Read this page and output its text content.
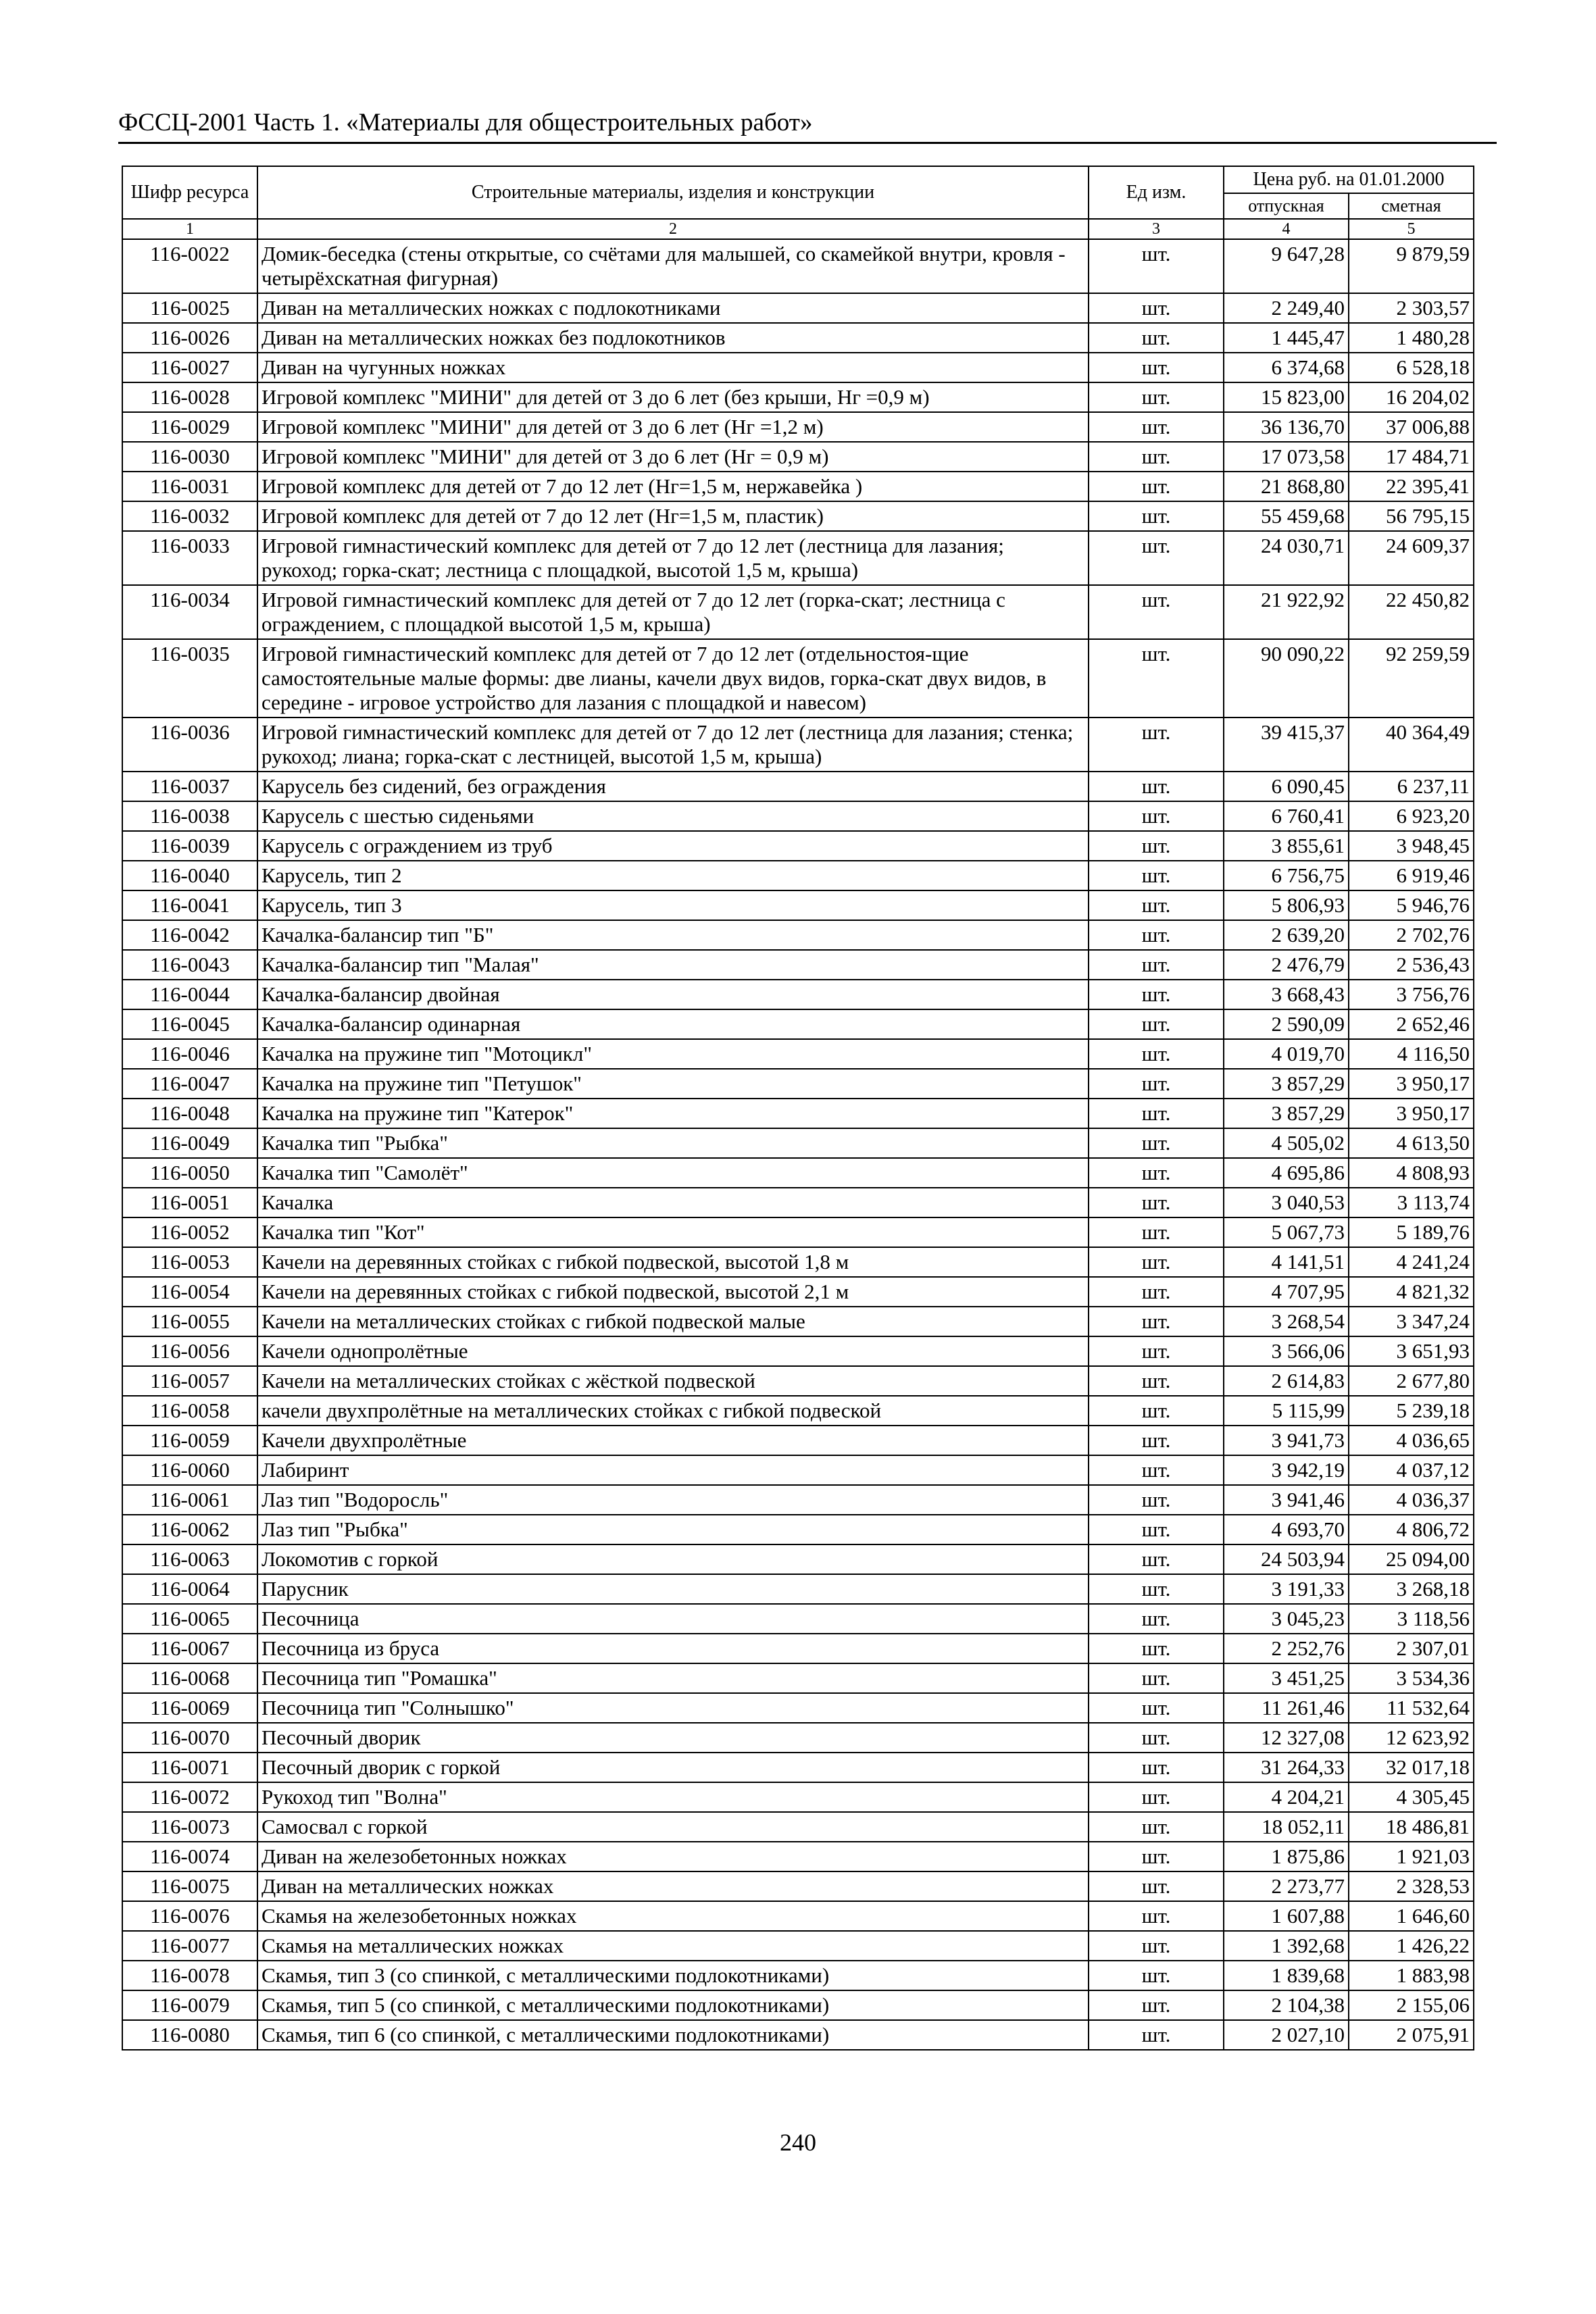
ФССЦ-2001 Часть 1. «Материалы для общестроительных работ»
Шифр ресурса	Строительные материалы, изделия и конструкции	Ед изм.	Цена руб. на 01.01.2000	
			отпускная	сметная
1	2	3	4	5
116-0022	Домик-беседка (стены открытые, со счётами для малышей, со скамейкой внутри, кровля - четырёхскатная фигурная)	шт.	9 647,28	9 879,59
116-0025	Диван на металлических ножках с подлокотниками	шт.	2 249,40	2 303,57
116-0026	Диван на металлических ножках без подлокотников	шт.	1 445,47	1 480,28
116-0027	Диван на чугунных ножках	шт.	6 374,68	6 528,18
116-0028	Игровой комплекс "МИНИ" для детей от 3 до 6 лет (без крыши, Нг =0,9 м)	шт.	15 823,00	16 204,02
116-0029	Игровой комплекс "МИНИ" для детей от 3 до 6 лет (Нг =1,2 м)	шт.	36 136,70	37 006,88
116-0030	Игровой комплекс "МИНИ" для детей от 3 до 6 лет (Нг = 0,9 м)	шт.	17 073,58	17 484,71
116-0031	Игровой комплекс для детей от 7 до 12 лет (Нг=1,5 м, нержавейка )	шт.	21 868,80	22 395,41
116-0032	Игровой комплекс для детей от 7 до 12 лет (Нг=1,5 м, пластик)	шт.	55 459,68	56 795,15
116-0033	Игровой гимнастический комплекс для детей от 7 до 12 лет (лестница для лазания; рукоход; горка-скат; лестница с площадкой, высотой 1,5 м, крыша)	шт.	24 030,71	24 609,37
116-0034	Игровой гимнастический комплекс для детей от 7 до 12 лет (горка-скат; лестница с ограждением, с площадкой высотой 1,5 м, крыша)	шт.	21 922,92	22 450,82
116-0035	Игровой гимнастический комплекс для детей от 7 до 12 лет (отдельностоя-щие самостоятельные малые формы: две лианы, качели двух видов, горка-скат двух видов, в середине - игровое устройство для лазания с площадкой и навесом)	шт.	90 090,22	92 259,59
116-0036	Игровой гимнастический комплекс для детей от 7 до 12 лет (лестница для лазания; стенка; рукоход; лиана; горка-скат с лестницей, высотой 1,5 м, крыша)	шт.	39 415,37	40 364,49
116-0037	Карусель без сидений, без ограждения	шт.	6 090,45	6 237,11
116-0038	Карусель с шестью сиденьями	шт.	6 760,41	6 923,20
116-0039	Карусель с ограждением из труб	шт.	3 855,61	3 948,45
116-0040	Карусель, тип 2	шт.	6 756,75	6 919,46
116-0041	Карусель, тип 3	шт.	5 806,93	5 946,76
116-0042	Качалка-балансир тип "Б"	шт.	2 639,20	2 702,76
116-0043	Качалка-балансир тип "Малая"	шт.	2 476,79	2 536,43
116-0044	Качалка-балансир двойная	шт.	3 668,43	3 756,76
116-0045	Качалка-балансир одинарная	шт.	2 590,09	2 652,46
116-0046	Качалка на пружине тип "Мотоцикл"	шт.	4 019,70	4 116,50
116-0047	Качалка на пружине тип "Петушок"	шт.	3 857,29	3 950,17
116-0048	Качалка на пружине тип "Катерок"	шт.	3 857,29	3 950,17
116-0049	Качалка тип "Рыбка"	шт.	4 505,02	4 613,50
116-0050	Качалка тип "Самолёт"	шт.	4 695,86	4 808,93
116-0051	Качалка	шт.	3 040,53	3 113,74
116-0052	Качалка тип "Кот"	шт.	5 067,73	5 189,76
116-0053	Качели на деревянных стойках с гибкой подвеской, высотой 1,8 м	шт.	4 141,51	4 241,24
116-0054	Качели на деревянных стойках с гибкой подвеской, высотой 2,1 м	шт.	4 707,95	4 821,32
116-0055	Качели на металлических стойках с гибкой подвеской малые	шт.	3 268,54	3 347,24
116-0056	Качели однопролётные	шт.	3 566,06	3 651,93
116-0057	Качели на металлических стойках с жёсткой подвеской	шт.	2 614,83	2 677,80
116-0058	качели двухпролётные на металлических стойках с гибкой подвеской	шт.	5 115,99	5 239,18
116-0059	Качели двухпролётные	шт.	3 941,73	4 036,65
116-0060	Лабиринт	шт.	3 942,19	4 037,12
116-0061	Лаз тип "Водоросль"	шт.	3 941,46	4 036,37
116-0062	Лаз тип "Рыбка"	шт.	4 693,70	4 806,72
116-0063	Локомотив с горкой	шт.	24 503,94	25 094,00
116-0064	Парусник	шт.	3 191,33	3 268,18
116-0065	Песочница	шт.	3 045,23	3 118,56
116-0067	Песочница из бруса	шт.	2 252,76	2 307,01
116-0068	Песочница тип "Ромашка"	шт.	3 451,25	3 534,36
116-0069	Песочница тип "Солнышко"	шт.	11 261,46	11 532,64
116-0070	Песочный дворик	шт.	12 327,08	12 623,92
116-0071	Песочный дворик с горкой	шт.	31 264,33	32 017,18
116-0072	Рукоход тип "Волна"	шт.	4 204,21	4 305,45
116-0073	Самосвал с горкой	шт.	18 052,11	18 486,81
116-0074	Диван на железобетонных ножках	шт.	1 875,86	1 921,03
116-0075	Диван на металлических ножках	шт.	2 273,77	2 328,53
116-0076	Скамья на железобетонных ножках	шт.	1 607,88	1 646,60
116-0077	Скамья на металлических ножках	шт.	1 392,68	1 426,22
116-0078	Скамья, тип 3 (со спинкой, с металлическими подлокотниками)	шт.	1 839,68	1 883,98
116-0079	Скамья, тип 5 (со спинкой, с металлическими подлокотниками)	шт.	2 104,38	2 155,06
116-0080	Скамья, тип 6 (со спинкой, с металлическими подлокотниками)	шт.	2 027,10	2 075,91
240
